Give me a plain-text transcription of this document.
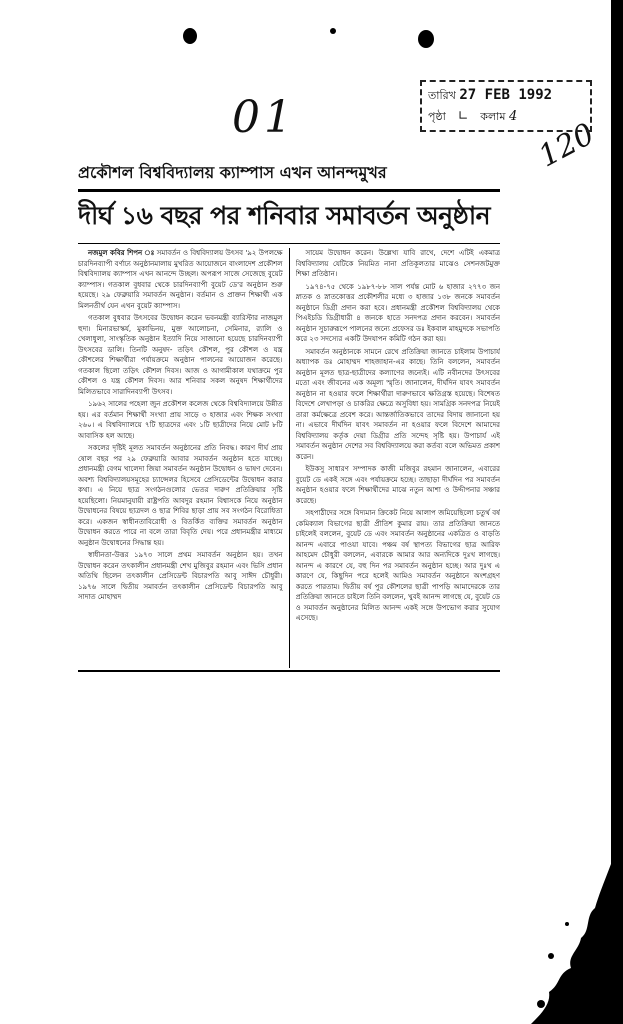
01	120
তারিখ 27 FEB 1992
পৃষ্ঠা   ∟   কলাম 4
প্রকৌশল বিশ্ববিদ্যালয় ক্যাম্পাস এখন আনন্দমুখর
দীর্ঘ ১৬ বছর পর শনিবার সমাবর্তন অনুষ্ঠান

নজমুল কবির শিপন ঃ সমাবর্তন ও বিশ্ববিদ্যালয় উৎসব '৯২ উপলক্ষে চারদিনব্যাপী বর্ণাঢ্য অনুষ্ঠানমালায় মুখরিত আয়োজনে বাংলাদেশ প্রকৌশল বিশ্ববিদ্যালয় ক্যাম্পাস এখন আনন্দে উচ্ছল। অপরূপ সাজে সেজেছে বুয়েট ক্যাম্পাস। গতকাল বুধবার থেকে চারদিনব্যাপী বুয়েট ডে'র অনুষ্ঠান শুরু হয়েছে। ২৯ ফেব্রুয়ারি সমাবর্তন অনুষ্ঠান। বর্তমান ও প্রাক্তন শিক্ষার্থী এক মিলনতীর্থ যেন এখন বুয়েট ক্যাম্পাস।

গতকাল বুধবার উৎসবের উদ্বোধন করেন ভবনমন্ত্রী ব্যারিস্টার নাজমুল হুদা। মিনারভাস্কর্য, মুকাভিনয়, মুক্ত আলোচনা, সেমিনার, র‍্যালি ও খেলাধুলা, সাংস্কৃতিক অনুষ্ঠান ইত্যাদি নিয়ে সাজানো হয়েছে চারদিনব্যাপী উৎসবের ডালি। তিনটি অনুষদ- তড়িৎ কৌশল, পুর কৌশল ও যন্ত্র কৌশলের শিক্ষার্থীরা পর্যায়ক্রমে অনুষ্ঠান পালনের আয়োজন করেছে। গতকাল ছিলো তড়িৎ কৌশল দিবস। আজ ও আগামীকাল যথাক্রমে পুর কৌশল ও যন্ত্র কৌশল দিবস। আর শনিবার সকল অনুষদ শিক্ষার্থীদের মিলিতভাবে সারাদিনব্যাপী উৎসব।

১৯৬২ সালের পহেলা জুন প্রকৌশল কলেজ থেকে বিশ্ববিদ্যালয়ে উন্নীত হয়। এর বর্তমান শিক্ষার্থী সংখ্যা প্রায় সাড়ে ৩ হাজার এবং শিক্ষক সংখ্যা ২৬০। এ বিশ্ববিদ্যালয়ে ৭টি ছাত্রদের এবং ১টি ছাত্রীদের নিয়ে মোট ৮টি আবাসিক হল আছে।

সকলের দৃষ্টিই মূলত সমাবর্তন অনুষ্ঠানের প্রতি নিবদ্ধ। কারণ দীর্ঘ প্রায় ষোল বছর পর ২৯ ফেব্রুয়ারি আবার সমাবর্তন অনুষ্ঠান হতে যাচ্ছে। প্রধানমন্ত্রী বেগম খালেদা জিয়া সমাবর্তন অনুষ্ঠান উদ্বোধন ও ভাষণ দেবেন। অবশ্য বিশ্ববিদ্যালয়সমূহের চ্যান্সেলর হিসেবে প্রেসিডেন্টের উদ্বোধন করার কথা। এ নিয়ে ছাত্র সংগঠনগুলোর ভেতর দারুণ প্রতিক্রিয়ার সৃষ্টি হয়েছিলো। নিয়মানুযায়ী রাষ্ট্রপতি আবদুর রহমান বিশ্বাসকে নিয়ে অনুষ্ঠান উদ্বোধনের বিষয়ে ছাত্রদল ও ছাত্র শিবির ছাড়া প্রায় সব সংগঠন বিরোধিতা করে। একজন স্বাধীনতাবিরোধী ও বিতর্কিত ব্যক্তির সমাবর্তন অনুষ্ঠান উদ্বোধন করতে পারে না বলে তারা বিবৃতি দেয়। পরে প্রধানমন্ত্রীর মাধ্যমে অনুষ্ঠান উদ্বোধনের সিদ্ধান্ত হয়।

স্বাধীনতা-উত্তর ১৯৭৩ সালে প্রথম সমাবর্তন অনুষ্ঠান হয়। তখন উদ্বোধন করেন তৎকালীন প্রধানমন্ত্রী শেখ মুজিবুর রহমান এবং ভিসি প্রধান অতিথি ছিলেন তৎকালীন প্রেসিডেন্ট বিচারপতি আবু সাঈদ চৌধুরী। ১৯৭৬ সালে দ্বিতীয় সমাবর্তন তৎকালীন প্রেসিডেন্ট বিচারপতি আবু সাদাত মোহাম্মদ

সায়েম উদ্বোধন করেন। উল্লেখ্য যাবি রাখে, দেশে এটিই একমাত্র বিশ্ববিদ্যালয় যেটিকে নিয়মিত নানা প্রতিকূলতার মাঝেও সেশনজটমুক্ত শিক্ষা প্রতিষ্ঠান।

১৯৭৪-৭৫ থেকে ১৯৮৭-৮৮ সাল পর্যন্ত মোট ৬ হাজার ২৭৭৩ জন স্নাতক ও স্নাতকোত্তর প্রকৌশলীর মধ্যে ৩ হাজার ১৩৮ জনকে সমাবর্তন অনুষ্ঠানে ডিগ্রী প্রদান করা হবে। প্রধানমন্ত্রী প্রকৌশল বিশ্ববিদ্যালয় থেকে পিএইচডি ডিগ্রীধারী ৪ জনকে হাতে সনদপত্র প্রদান করবেন। সমাবর্তন অনুষ্ঠান সুচারুরূপে পালনের জন্যে প্রফেসর ডঃ ইকবাল মাহমুদকে সভাপতি করে ২৩ সদস্যের একটি উদযাপন কমিটি গঠন করা হয়।

সমাবর্তন অনুষ্ঠানকে সামনে রেখে প্রতিক্রিয়া জানতে চাইলাম উপাচার্য অধ্যাপক ডঃ মোহাম্মদ শাহজাহান-এর কাছে। তিনি বললেন, সমাবর্তন অনুষ্ঠান মূলত ছাত্র-ছাত্রীদের কল্যাণের জন্যেই। এটি নবীনদের উৎসবের মতো এবং জীবনের এক অমূল্য স্মৃতি। জানালেন, দীর্ঘদিন যাবৎ সমাবর্তন অনুষ্ঠান না হওয়ার ফলে শিক্ষার্থীরা দারুণভাবে ক্ষতিগ্রস্ত হয়েছে। বিশেষত বিদেশে লেখাপড়া ও চাকরির ক্ষেত্রে অসুবিধা হয়। সামগ্রিক সনদপত্র নিয়েই তারা কর্মক্ষেত্রে প্রবেশ করে। আন্তর্জাতিকভাবে তাদের বিদায় জানানো হয় না। এভাবে দীর্ঘদিন যাবৎ সমাবর্তন না হওয়ার ফলে বিদেশে আমাদের বিশ্ববিদ্যালয় কর্তৃক দেয়া ডিগ্রীর প্রতি সন্দেহ সৃষ্টি হয়। উপাচার্য এই সমাবর্তন অনুষ্ঠান দেশের সব বিশ্ববিদ্যালয়ে করা কর্তব্য বলে অভিমত প্রকাশ করেন।

ইউকসু সাধারণ সম্পাদক কাজী মজিবুর রহমান জানালেন, এবারের বুয়েট ডে একই সঙ্গে এবং পর্যায়ক্রমে হচ্ছে। তাছাড়া দীর্ঘদিন পর সমাবর্তন অনুষ্ঠান হওয়ার ফলে শিক্ষার্থীদের মাঝে নতুন আশা ও উদ্দীপনার সঞ্চার করেছে।

সহপাঠীদের সঙ্গে বিদ্যমান ক্রিকেট নিয়ে আলাপ জমিয়েছিলো চতুর্থ বর্ষ কেমিক্যাল বিভাগের ছাত্রী প্রীতিশ কুমার রায়। তার প্রতিক্রিয়া জানতে চাইলেই বললেন, বুয়েট ডে এবং সমাবর্তন অনুষ্ঠানের একত্রিত ও বাড়তি আনন্দ এবারে পাওয়া যাবে। পঞ্চম বর্ষ স্থাপত্য বিভাগের ছাত্র আরিফ আহমেদ চৌধুরী বললেন, এবারকে আমার আর অন্যদিকে দুঃখ লাগছে। আনন্দ এ কারণে যে, বহু দিন পর সমাবর্তন অনুষ্ঠান হচ্ছে। আর দুঃখ এ কারণে যে, কিছুদিন পরে হলেই আমিও সমাবর্তন অনুষ্ঠানে অংশগ্রহণ করতে পারতাম। দ্বিতীয় বর্ষ পুর কৌশলের ছাত্রী পাপড়ি আমাদেরকে তার প্রতিক্রিয়া জানতে চাইলে তিনি বললেন, খুবই আনন্দ লাগছে যে, বুয়েট ডে ও সমাবর্তন অনুষ্ঠানের মিলিত আনন্দ একই সঙ্গে উপভোগ করার সুযোগ এসেছে।
